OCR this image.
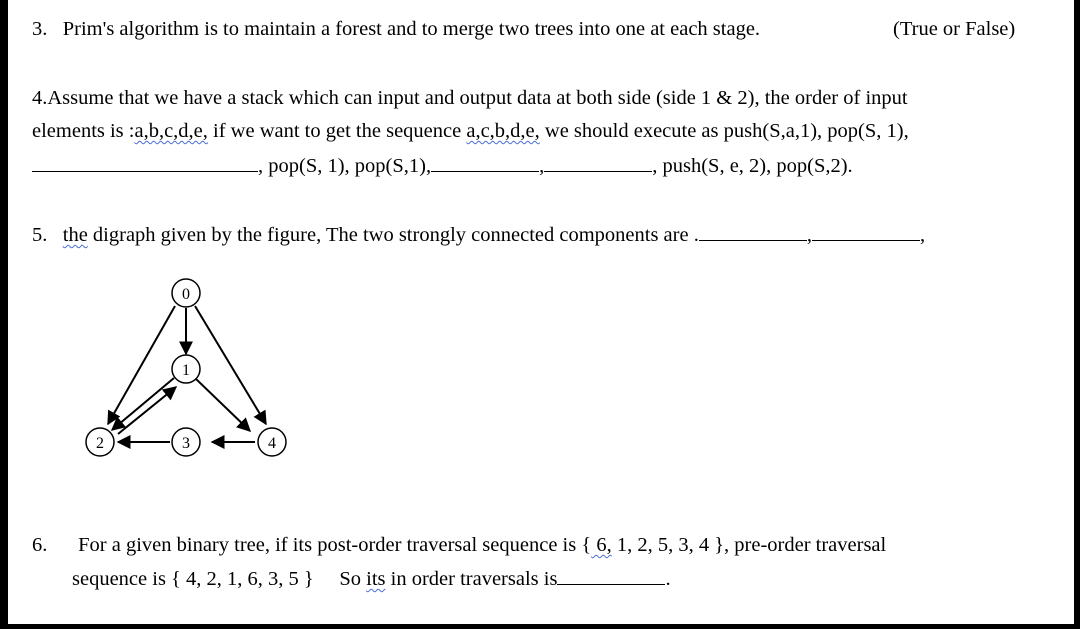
3. Prim's algorithm is to maintain a forest and to merge two trees into one at each stage.	(True or False)
4.Assume that we have a stack which can input and output data at both side (side 1 & 2), the order of input
elements is :a,b,c,d,e, if we want to get the sequence a,c,b,d,e, we should execute as push(S,a,1), pop(S, 1),
, pop(S, 1), pop(S,1),	,	, push(S, e, 2), pop(S,2).
5. the digraph given by the figure, The two strongly connected components are .	,	,
0
1
2	3	4
6. For a given binary tree, if its post-order traversal sequence is { 6, 1, 2, 5, 3, 4 }, pre-order traversal
sequence is { 4, 2, 1, 6, 3, 5 }     So its in order traversals is	.
